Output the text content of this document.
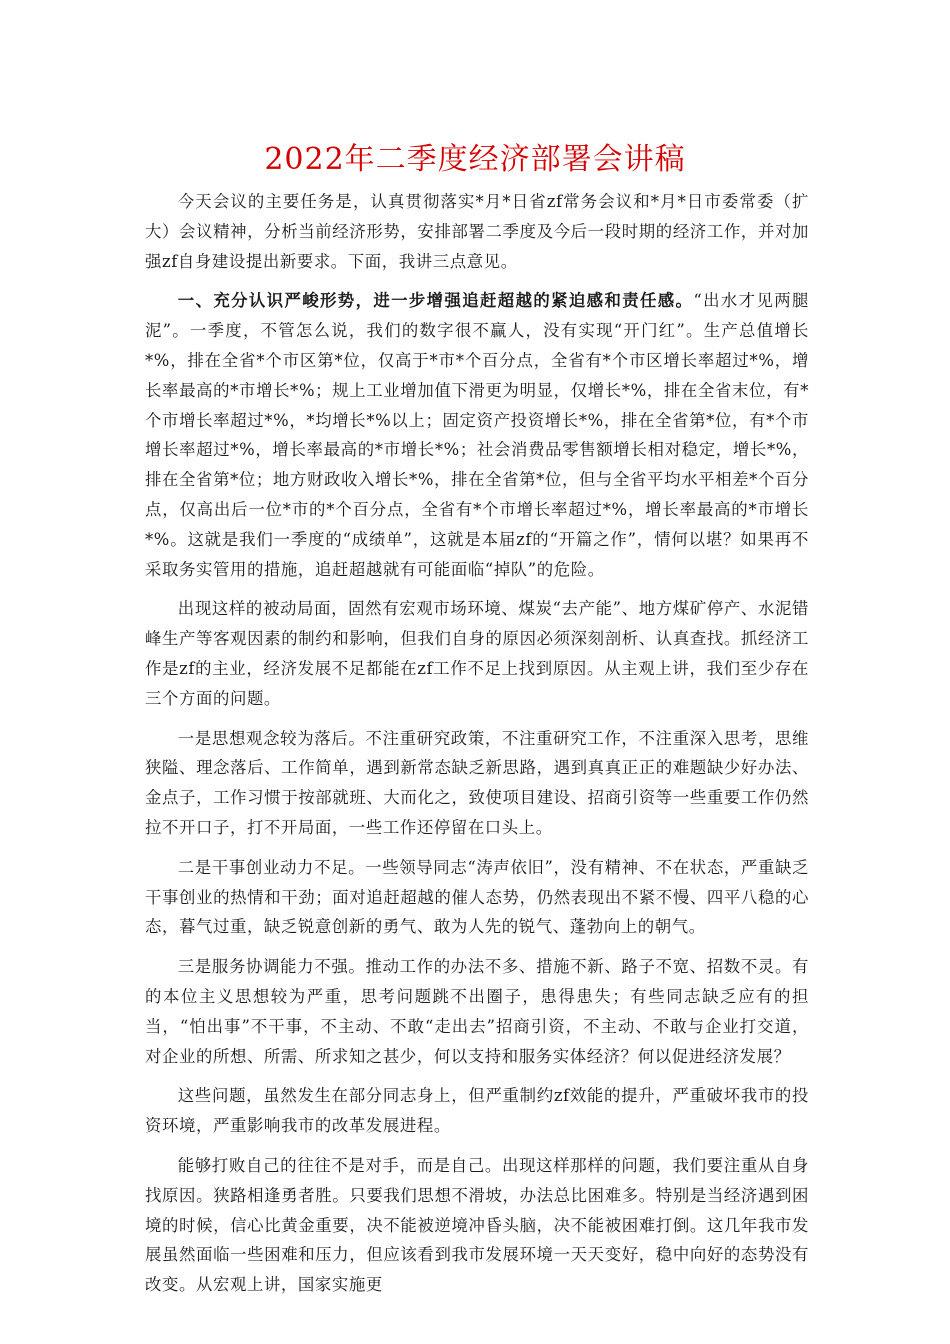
2022年二季度经济部署会讲稿

今天会议的主要任务是，认真贯彻落实*月*日省zf常务会议和*月*日市委常委（扩大）会议精神，分析当前经济形势，安排部署二季度及今后一段时期的经济工作，并对加强zf自身建设提出新要求。下面，我讲三点意见。

一、充分认识严峻形势，进一步增强追赶超越的紧迫感和责任感。“出水才见两腿泥”。一季度，不管怎么说，我们的数字很不赢人，没有实现“开门红”。生产总值增长*%，排在全省*个市区第*位，仅高于*市*个百分点，全省有*个市区增长率超过*%，增长率最高的*市增长*%；规上工业增加值下滑更为明显，仅增长*%，排在全省末位，有*个市增长率超过*%，*均增长*%以上；固定资产投资增长*%，排在全省第*位，有*个市增长率超过*%，增长率最高的*市增长*%；社会消费品零售额增长相对稳定，增长*%，排在全省第*位；地方财政收入增长*%，排在全省第*位，但与全省平均水平相差*个百分点，仅高出后一位*市的*个百分点，全省有*个市增长率超过*%，增长率最高的*市增长*%。这就是我们一季度的“成绩单”，这就是本届zf的“开篇之作”，情何以堪？如果再不采取务实管用的措施，追赶超越就有可能面临“掉队”的危险。

出现这样的被动局面，固然有宏观市场环境、煤炭“去产能”、地方煤矿停产、水泥错峰生产等客观因素的制约和影响，但我们自身的原因必须深刻剖析、认真查找。抓经济工作是zf的主业，经济发展不足都能在zf工作不足上找到原因。从主观上讲，我们至少存在三个方面的问题。

一是思想观念较为落后。不注重研究政策，不注重研究工作，不注重深入思考，思维狭隘、理念落后、工作简单，遇到新常态缺乏新思路，遇到真真正正的难题缺少好办法、金点子，工作习惯于按部就班、大而化之，致使项目建设、招商引资等一些重要工作仍然拉不开口子，打不开局面，一些工作还停留在口头上。

二是干事创业动力不足。一些领导同志“涛声依旧”，没有精神、不在状态，严重缺乏干事创业的热情和干劲；面对追赶超越的催人态势，仍然表现出不紧不慢、四平八稳的心态，暮气过重，缺乏锐意创新的勇气、敢为人先的锐气、蓬勃向上的朝气。

三是服务协调能力不强。推动工作的办法不多、措施不新、路子不宽、招数不灵。有的本位主义思想较为严重，思考问题跳不出圈子，患得患失；有些同志缺乏应有的担当，“怕出事”不干事，不主动、不敢“走出去”招商引资，不主动、不敢与企业打交道，对企业的所想、所需、所求知之甚少，何以支持和服务实体经济？何以促进经济发展？

这些问题，虽然发生在部分同志身上，但严重制约zf效能的提升，严重破坏我市的投资环境，严重影响我市的改革发展进程。

能够打败自己的往往不是对手，而是自己。出现这样那样的问题，我们要注重从自身找原因。狭路相逢勇者胜。只要我们思想不滑坡，办法总比困难多。特别是当经济遇到困境的时候，信心比黄金重要，决不能被逆境冲昏头脑，决不能被困难打倒。这几年我市发展虽然面临一些困难和压力，但应该看到我市发展环境一天天变好，稳中向好的态势没有改变。从宏观上讲，国家实施更
